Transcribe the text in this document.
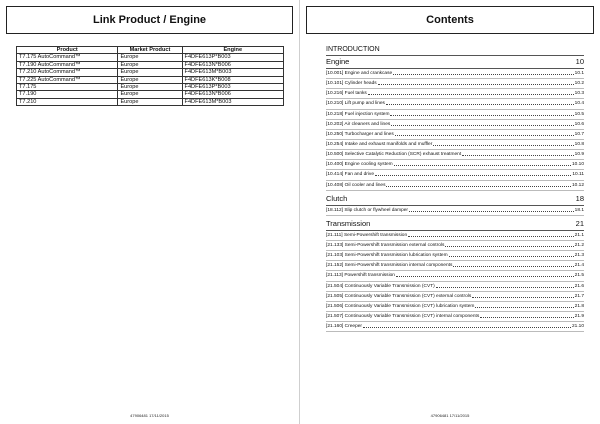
Link Product / Engine
Product	Market Product	Engine
T7.175 AutoCommand™	Europe	F4DFE613P*B003
T7.190 AutoCommand™	Europe	F4DFE613N*B006
T7.210 AutoCommand™	Europe	F4DFE613M*B003
T7.225 AutoCommand™	Europe	F4DFE613K*B008
T7.175	Europe	F4DFE613P*B003
T7.190	Europe	F4DFE613N*B006
T7.210	Europe	F4DFE613M*B003
47906481 17/11/2015
Contents
INTRODUCTION
Engine	10
[10.001] Engine and crankcase	10.1
[10.101] Cylinder heads	10.2
[10.216] Fuel tanks	10.3
[10.210] Lift pump and lines	10.4
[10.218] Fuel injection system	10.5
[10.202] Air cleaners and lines	10.6
[10.250] Turbocharger and lines	10.7
[10.254] Intake and exhaust manifolds and muffler	10.8
[10.500] Selective Catalytic Reduction (SCR) exhaust treatment	10.9
[10.400] Engine cooling system	10.10
[10.414] Fan and drive	10.11
[10.408] Oil cooler and lines	10.12
Clutch	18
[18.112] Slip clutch or flywheel damper	18.1
Transmission	21
[21.111] Semi-Powershift transmission	21.1
[21.133] Semi-Powershift transmission external controls	21.2
[21.103] Semi-Powershift transmission lubrication system	21.3
[21.152] Semi-Powershift transmission internal components	21.4
[21.113] Powershift transmission	21.5
[21.504] Continuously Variable Transmission (CVT)	21.6
[21.505] Continuously Variable Transmission (CVT) external controls	21.7
[21.506] Continuously Variable Transmission (CVT) lubrication system	21.8
[21.507] Continuously Variable Transmission (CVT) internal components	21.9
[21.160] Creeper	21.10
47906481 17/11/2015
